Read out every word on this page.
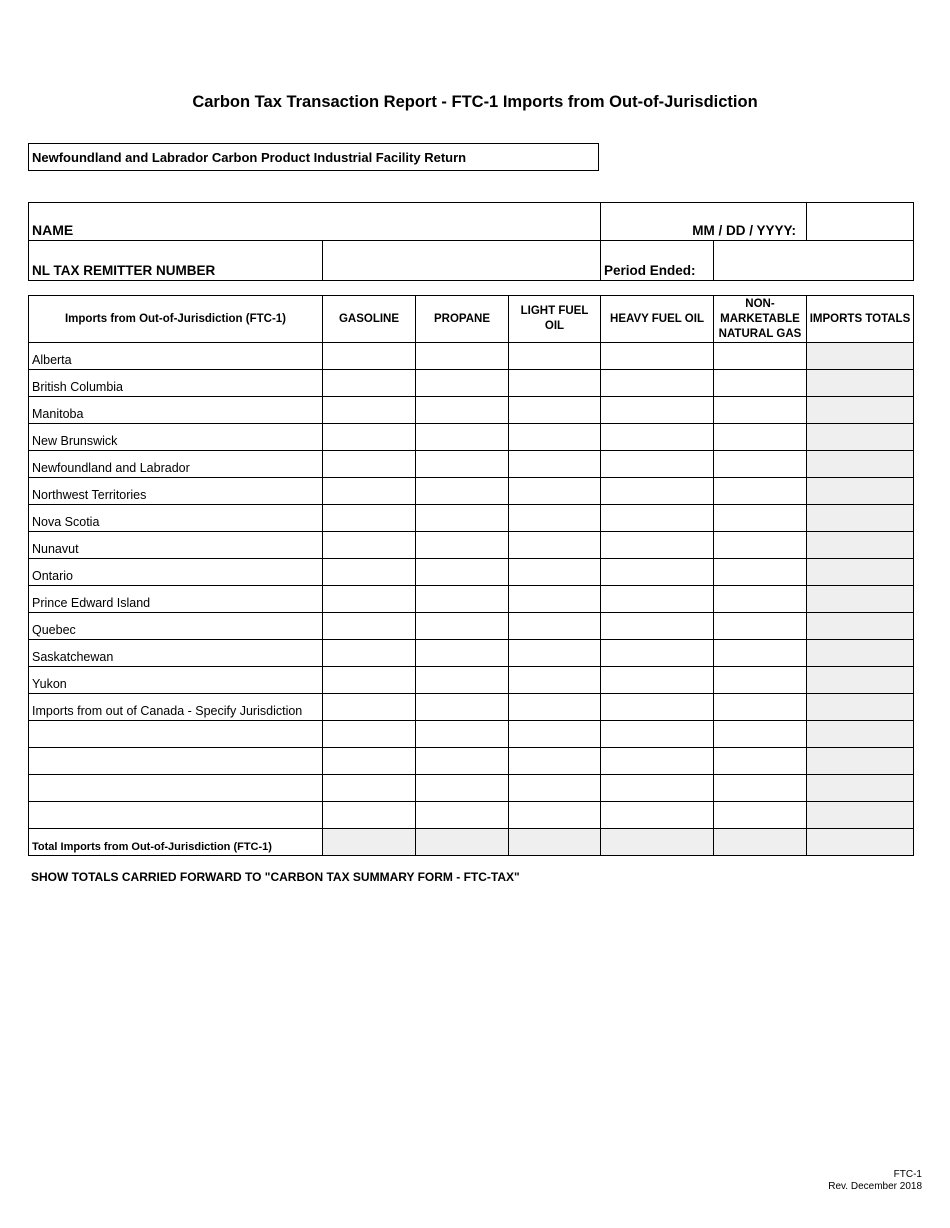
Carbon Tax Transaction Report - FTC-1 Imports from Out-of-Jurisdiction
Newfoundland and Labrador Carbon Product Industrial Facility Return
NAME		MM / DD / YYYY:		
NL TAX REMITTER NUMBER		Period Ended:		
Imports from Out-of-Jurisdiction (FTC-1)	GASOLINE	PROPANE	LIGHT FUEL OIL	HEAVY FUEL OIL	NON-MARKETABLE NATURAL GAS	IMPORTS TOTALS
Alberta						
British Columbia						
Manitoba						
New Brunswick						
Newfoundland and Labrador						
Northwest Territories						
Nova Scotia						
Nunavut						
Ontario						
Prince Edward Island						
Quebec						
Saskatchewan						
Yukon						
Imports from out of Canada - Specify Jurisdiction						

Total Imports from Out-of-Jurisdiction (FTC-1)						
SHOW TOTALS CARRIED FORWARD TO "CARBON TAX SUMMARY FORM - FTC-TAX"
FTC-1
Rev. December 2018
